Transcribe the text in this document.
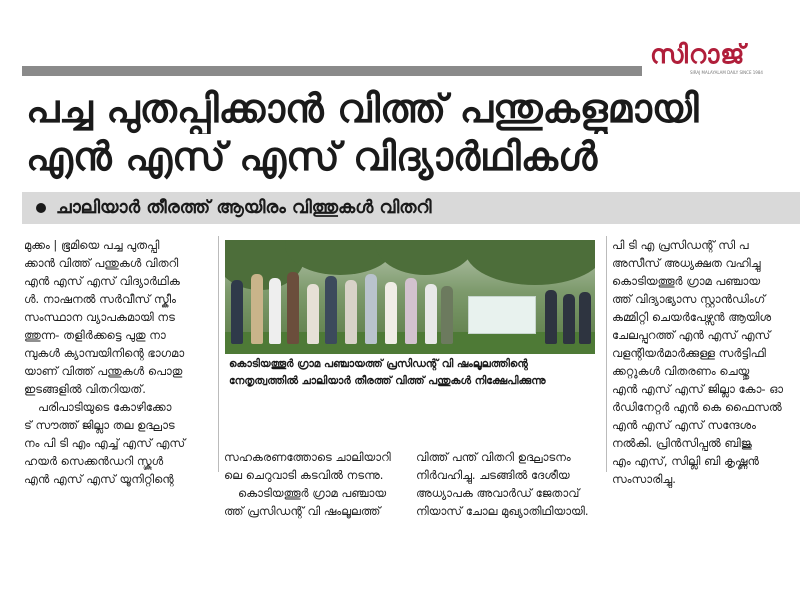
സിറാജ്
SIRAJ MALAYALAM DAILY SINCE 1984
പച്ച പുതപ്പിക്കാൻ വിത്ത് പന്തുകളുമായി
എൻ എസ് എസ് വിദ്യാർഥികൾ
ചാലിയാർ തീരത്ത് ആയിരം വിത്തുകൾ വിതറി
മുക്കം | ഭൂമിയെ പച്ച പുതപ്പി
ക്കാൻ വിത്ത് പന്തുകൾ വിതറി
എൻ എസ് എസ് വിദ്യാർഥിക
ൾ. നാഷനൽ സർവീസ് സ്കീം
സംസ്ഥാന വ്യാപകമായി നട
ത്തുന്ന- തളിർക്കട്ടെ പുതു നാ
മ്പുകൾ ക്യാമ്പയിനിന്റെ ഭാഗമാ
യാണ് വിത്ത് പന്തുകൾ പൊതു
ഇടങ്ങളിൽ വിതറിയത്.
പരിപാടിയുടെ കോഴിക്കോ
ട് സൗത്ത് ജില്ലാ തല ഉദ്ഘാട
നം പി ടി എം എച്ച് എസ് എസ്
ഹയർ സെക്കൻഡറി സ്കൂൾ
എൻ എസ് എസ് യൂനിറ്റിന്റെ
കൊടിയത്തൂർ ഗ്രാമ പഞ്ചായത്ത് പ്രസിഡന്റ് വി ഷംലൂലത്തിന്റെ
നേതൃത്വത്തിൽ ചാലിയാർ തീരത്ത് വിത്ത് പന്തുകൾ നിക്ഷേപിക്കുന്നു
സഹകരണത്തോടെ ചാലിയാറി
ലെ ചെറുവാടി കടവിൽ നടന്നു.
കൊടിയത്തൂർ ഗ്രാമ പഞ്ചായ
ത്ത് പ്രസിഡന്റ് വി ഷംലൂലത്ത്
വിത്ത് പന്ത് വിതറി ഉദ്ഘാടനം
നിർവഹിച്ചു. ചടങ്ങിൽ ദേശീയ
അധ്യാപക അവാർഡ് ജേതാവ്
നിയാസ് ചോല മുഖ്യാതിഥിയായി.
പി ടി എ പ്രസിഡന്റ് സി പ
അസീസ് അധ്യക്ഷത വഹിച്ചു
കൊടിയത്തൂർ ഗ്രാമ പഞ്ചായ
ത്ത് വിദ്യാഭ്യാസ സ്റ്റാൻഡിംഗ്
കമ്മിറ്റി ചെയർപേഴ്സൻ ആയിശ
ചേലപ്പുറത്ത് എൻ എസ് എസ്
വളന്റിയർമാർക്കുള്ള സർട്ടിഫി
ക്കറ്റുകൾ വിതരണം ചെയ്തു
എൻ എസ് എസ് ജില്ലാ കോ- ഓ
ർഡിനേറ്റർ എൻ കെ ഫൈസൽ
എൻ എസ് എസ് സന്ദേശം
നൽകി. പ്രിൻസിപ്പൽ ബിജു
എം എസ്, സില്ലി ബി കൃഷ്ണൻ
സംസാരിച്ചു.
